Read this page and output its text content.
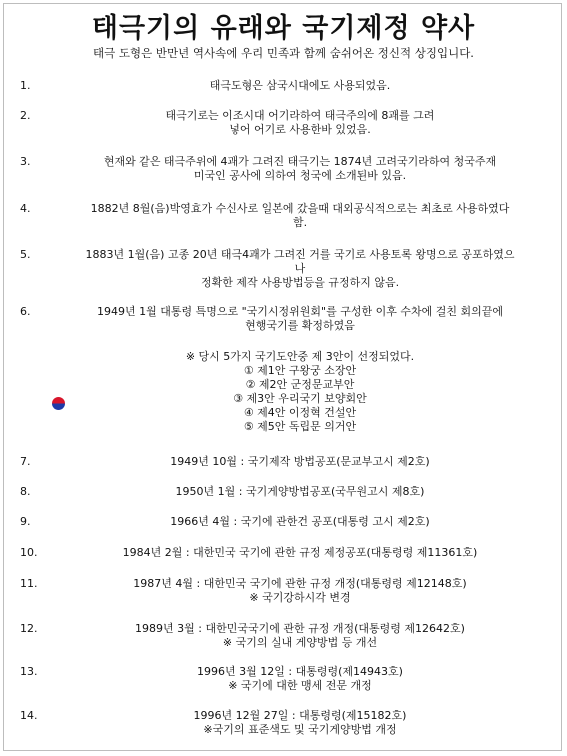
태극기의 유래와 국기제정 약사
태극 도형은 반만년 역사속에 우리 민족과 함께 숨쉬어온 정신적 상징입니다.
1.	태극도형은 삼국시대에도 사용되었음.
2.	태극기로는 이조시대 어기라하여 태극주의에 8괘를 그려
넣어 어기로 사용한바 있었음.
3.	현재와 같은 태극주위에 4괘가 그려진 태극기는 1874년 고려국기라하여 청국주재
미국인 공사에 의하여 청국에 소개된바 있음.
4.	1882년 8월(음)박영효가 수신사로 일본에 갔을때 대외공식적으로는 최초로 사용하였다
함.
5.	1883년 1월(음) 고종 20년 태극4괘가 그려진 거를 국기로 사용토록 왕명으로 공포하였으
나
정확한 제작 사용방법등을 규정하지 않음.
6.	1949년 1월 대통령 특명으로 "국기시정위원회"를 구성한 이후 수차에 걸친 회의끝에
현행국기를 확정하였음
※ 당시 5가지 국기도안중 제 3안이 선정되었다.
① 제1안 구왕궁 소장안
② 제2안 군정문교부안
③ 제3안 우리국기 보양회안
④ 제4안 이정혁 건설안
⑤ 제5안 독립문 의거안
7.	1949년 10월 : 국기제작 방법공포(문교부고시 제2호)
8.	1950년 1월 : 국기게양방법공포(국무원고시 제8호)
9.	1966년 4월 : 국기에 관한건 공포(대통령 고시 제2호)
10.	1984년 2월 : 대한민국 국기에 관한 규정 제정공포(대통령령 제11361호)
11.	1987년 4월 : 대한민국 국기에 관한 규정 개정(대통령령 제12148호)
※ 국기강하시각 변경
12.	1989년 3월 : 대한민국국기에 관한 규정 개정(대통령령 제12642호)
※ 국기의 실내 게양방법 등 개선
13.	1996년 3월 12일 : 대통령령(제14943호)
※ 국기에 대한 맹세 전문 개정
14.	1996년 12월 27일 : 대통령령(제15182호)
※국기의 표준색도 및 국기게양방법 개정
